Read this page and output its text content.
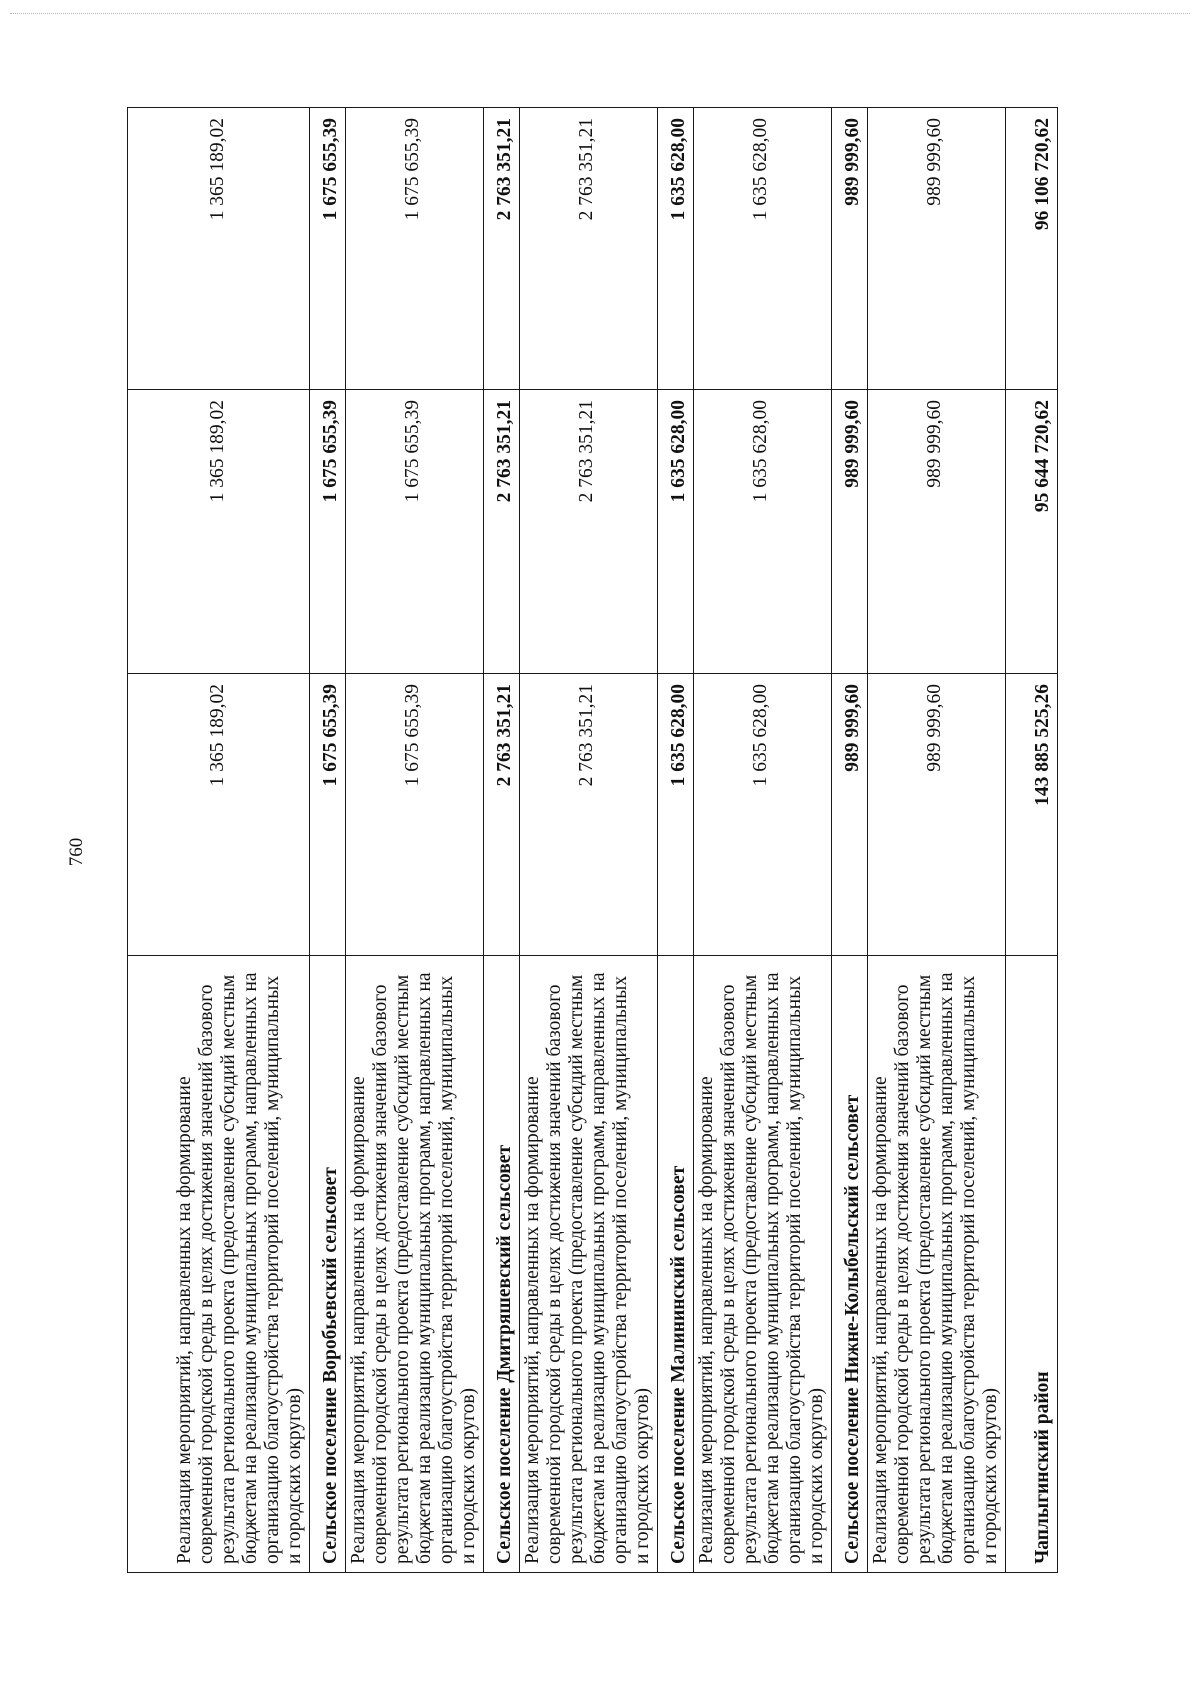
760
Реализация мероприятий, направленных на формирование современной городской среды в целях достижения значений базового результата регионального проекта (предоставление субсидий местным бюджетам на реализацию муниципальных программ, направленных на организацию благоустройства территорий поселений, муниципальных и городских округов)	1 365 189,02	1 365 189,02	1 365 189,02
Сельское поселение Воробьевский сельсовет	1 675 655,39	1 675 655,39	1 675 655,39
Реализация мероприятий, направленных на формирование современной городской среды в целях достижения значений базового результата регионального проекта (предоставление субсидий местным бюджетам на реализацию муниципальных программ, направленных на организацию благоустройства территорий поселений, муниципальных и городских округов)	1 675 655,39	1 675 655,39	1 675 655,39
Сельское поселение Дмитряшевский сельсовет	2 763 351,21	2 763 351,21	2 763 351,21
Реализация мероприятий, направленных на формирование современной городской среды в целях достижения значений базового результата регионального проекта (предоставление субсидий местным бюджетам на реализацию муниципальных программ, направленных на организацию благоустройства территорий поселений, муниципальных и городских округов)	2 763 351,21	2 763 351,21	2 763 351,21
Сельское поселение Малининский сельсовет	1 635 628,00	1 635 628,00	1 635 628,00
Реализация мероприятий, направленных на формирование современной городской среды в целях достижения значений базового результата регионального проекта (предоставление субсидий местным бюджетам на реализацию муниципальных программ, направленных на организацию благоустройства территорий поселений, муниципальных и городских округов)	1 635 628,00	1 635 628,00	1 635 628,00
Сельское поселение Нижне-Колыбельский сельсовет	989 999,60	989 999,60	989 999,60
Реализация мероприятий, направленных на формирование современной городской среды в целях достижения значений базового результата регионального проекта (предоставление субсидий местным бюджетам на реализацию муниципальных программ, направленных на организацию благоустройства территорий поселений, муниципальных и городских округов)	989 999,60	989 999,60	989 999,60
Чаплыгинский район	143 885 525,26	95 644 720,62	96 106 720,62
